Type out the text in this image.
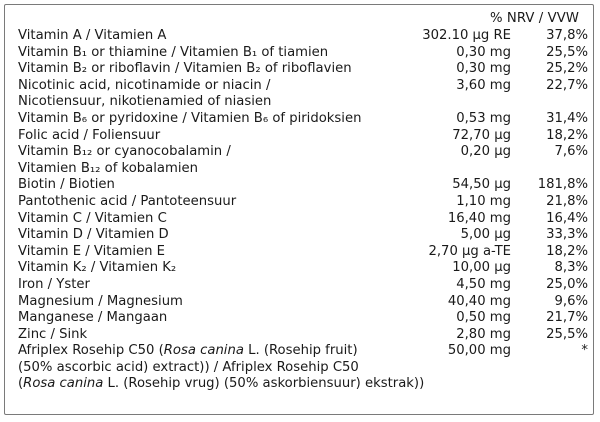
% NRV / VVW
Vitamin A / Vitamien A	302.10 µg RE	37,8%
Vitamin B₁ or thiamine / Vitamien B₁ of tiamien	0,30 mg	25,5%
Vitamin B₂ or riboflavin / Vitamien B₂ of riboflavien	0,30 mg	25,2%
Nicotinic acid, nicotinamide or niacin /	3,60 mg	22,7%
Nicotiensuur, nikotienamied of niasien
Vitamin B₆ or pyridoxine / Vitamien B₆ of piridoksien	0,53 mg	31,4%
Folic acid / Foliensuur	72,70 µg	18,2%
Vitamin B₁₂ or cyanocobalamin /	0,20 µg	7,6%
Vitamien B₁₂ of kobalamien
Biotin / Biotien	54,50 µg 181,8%
Pantothenic acid / Pantoteensuur	1,10 mg	21,8%
Vitamin C / Vitamien C	16,40 mg	16,4%
Vitamin D / Vitamien D	5,00 µg	33,3%
Vitamin E / Vitamien E	2,70 µg a-TE	18,2%
Vitamin K₂ / Vitamien K₂	10,00 µg	8,3%
Iron / Yster	4,50 mg	25,0%
Magnesium / Magnesium	40,40 mg	9,6%
Manganese / Mangaan	0,50 mg	21,7%
Zinc / Sink	2,80 mg	25,5%
Afriplex Rosehip C50 (Rosa canina L. (Rosehip fruit)	50,00 mg	*
(50% ascorbic acid) extract)) / Afriplex Rosehip C50
(Rosa canina L. (Rosehip vrug) (50% askorbiensuur) ekstrak))
